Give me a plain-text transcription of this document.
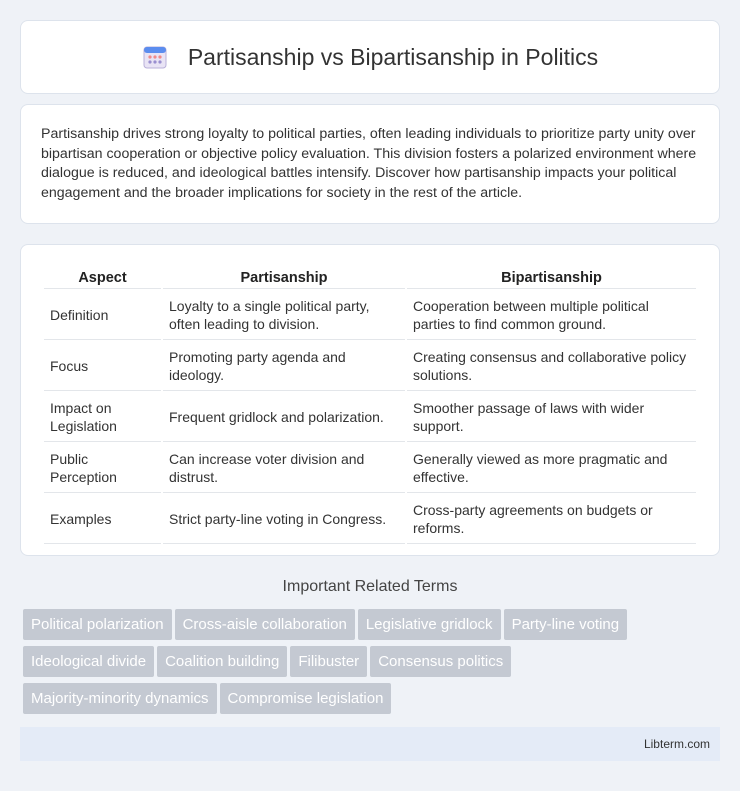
Partisanship vs Bipartisanship in Politics

Partisanship drives strong loyalty to political parties, often leading individuals to prioritize party unity over bipartisan cooperation or objective policy evaluation. This division fosters a polarized environment where dialogue is reduced, and ideological battles intensify. Discover how partisanship impacts your political engagement and the broader implications for society in the rest of the article.

Aspect	Partisanship	Bipartisanship
Definition	Loyalty to a single political party, often leading to division.	Cooperation between multiple political parties to find common ground.
Focus	Promoting party agenda and ideology.	Creating consensus and collaborative policy solutions.
Impact on Legislation	Frequent gridlock and polarization.	Smoother passage of laws with wider support.
Public Perception	Can increase voter division and distrust.	Generally viewed as more pragmatic and effective.
Examples	Strict party-line voting in Congress.	Cross-party agreements on budgets or reforms.
Important Related Terms
Political polarization Cross-aisle collaboration Legislative gridlock Party-line voting
Ideological divide Coalition building Filibuster Consensus politics
Majority-minority dynamics Compromise legislation
Libterm.com
